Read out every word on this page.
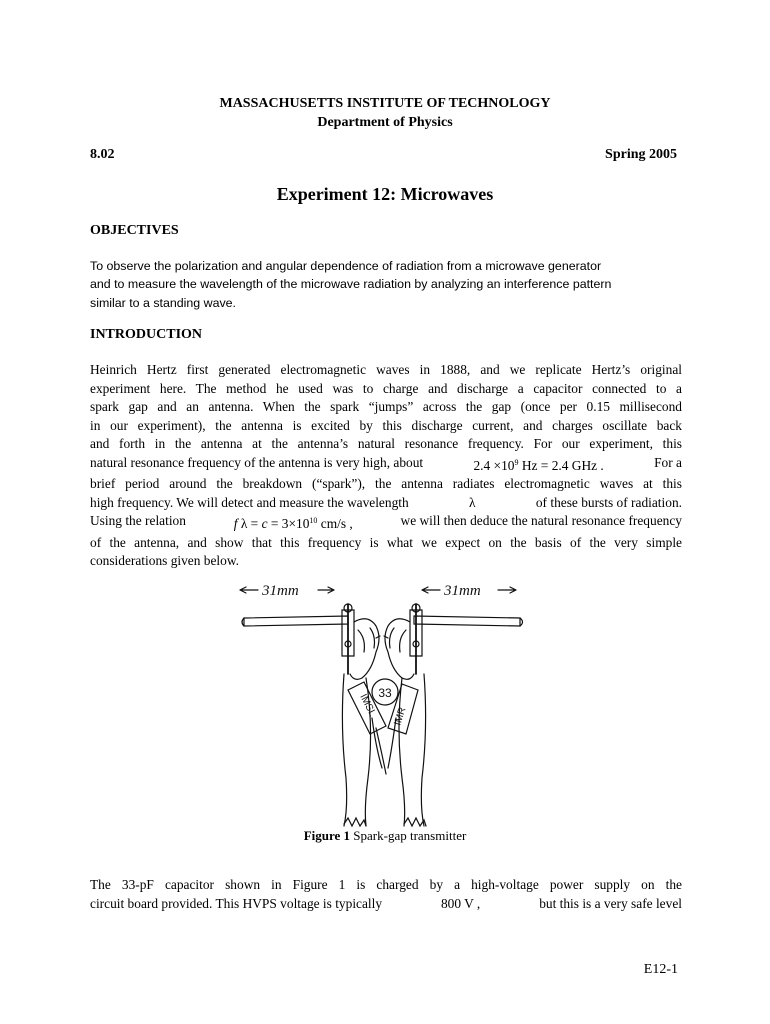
MASSACHUSETTS INSTITUTE OF TECHNOLOGY
Department of Physics
8.02	Spring 2005
Experiment 12: Microwaves
OBJECTIVES
To observe the polarization and angular dependence of radiation from a microwave generator
and to measure the wavelength of the microwave radiation by analyzing an interference pattern
similar to a standing wave.
INTRODUCTION
Heinrich Hertz first generated electromagnetic waves in 1888, and we replicate Hertz’s original
experiment here. The method he used was to charge and discharge a capacitor connected to a
spark gap and an antenna. When the spark “jumps” across the gap (once per 0.15 millisecond
in our experiment), the antenna is excited by this discharge current, and charges oscillate back
and forth in the antenna at the antenna’s natural resonance frequency. For our experiment, this
natural resonance frequency of the antenna is very high, about	$2.4 \times 10^9$ Hz = 2.4 GHz .	For a
brief period around the breakdown (“spark”), the antenna radiates electromagnetic waves at this
high frequency. We will detect and measure the wavelength	λ	of these bursts of radiation.
Using the relation	f $\lambda = c = 3\times 10^{10}$ cm/s ,	we will then deduce the natural resonance frequency
of the antenna, and show that this frequency is what we expect on the basis of the very simple
considerations given below.
31mm	31mm
33
IMSL IMR
Figure 1 Spark-gap transmitter
The 33-pF capacitor shown in Figure 1 is charged by a high-voltage power supply on the
circuit board provided. This HVPS voltage is typically	800 V ,	but this is a very safe level
E12-1
